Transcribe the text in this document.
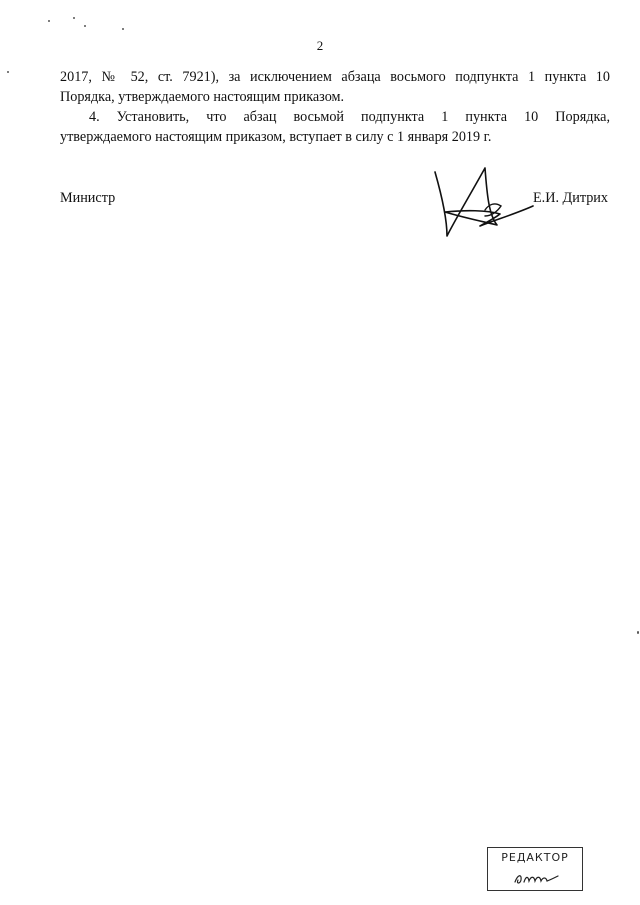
2
2017, № 52, ст. 7921), за исключением абзаца восьмого подпункта 1 пункта 10
Порядка, утверждаемого настоящим приказом.
4. Установить, что абзац восьмой подпункта 1 пункта 10 Порядка,
утверждаемого настоящим приказом, вступает в силу с 1 января 2019 г.
Министр	Е.И. Дитрих
РЕДАКТОР
